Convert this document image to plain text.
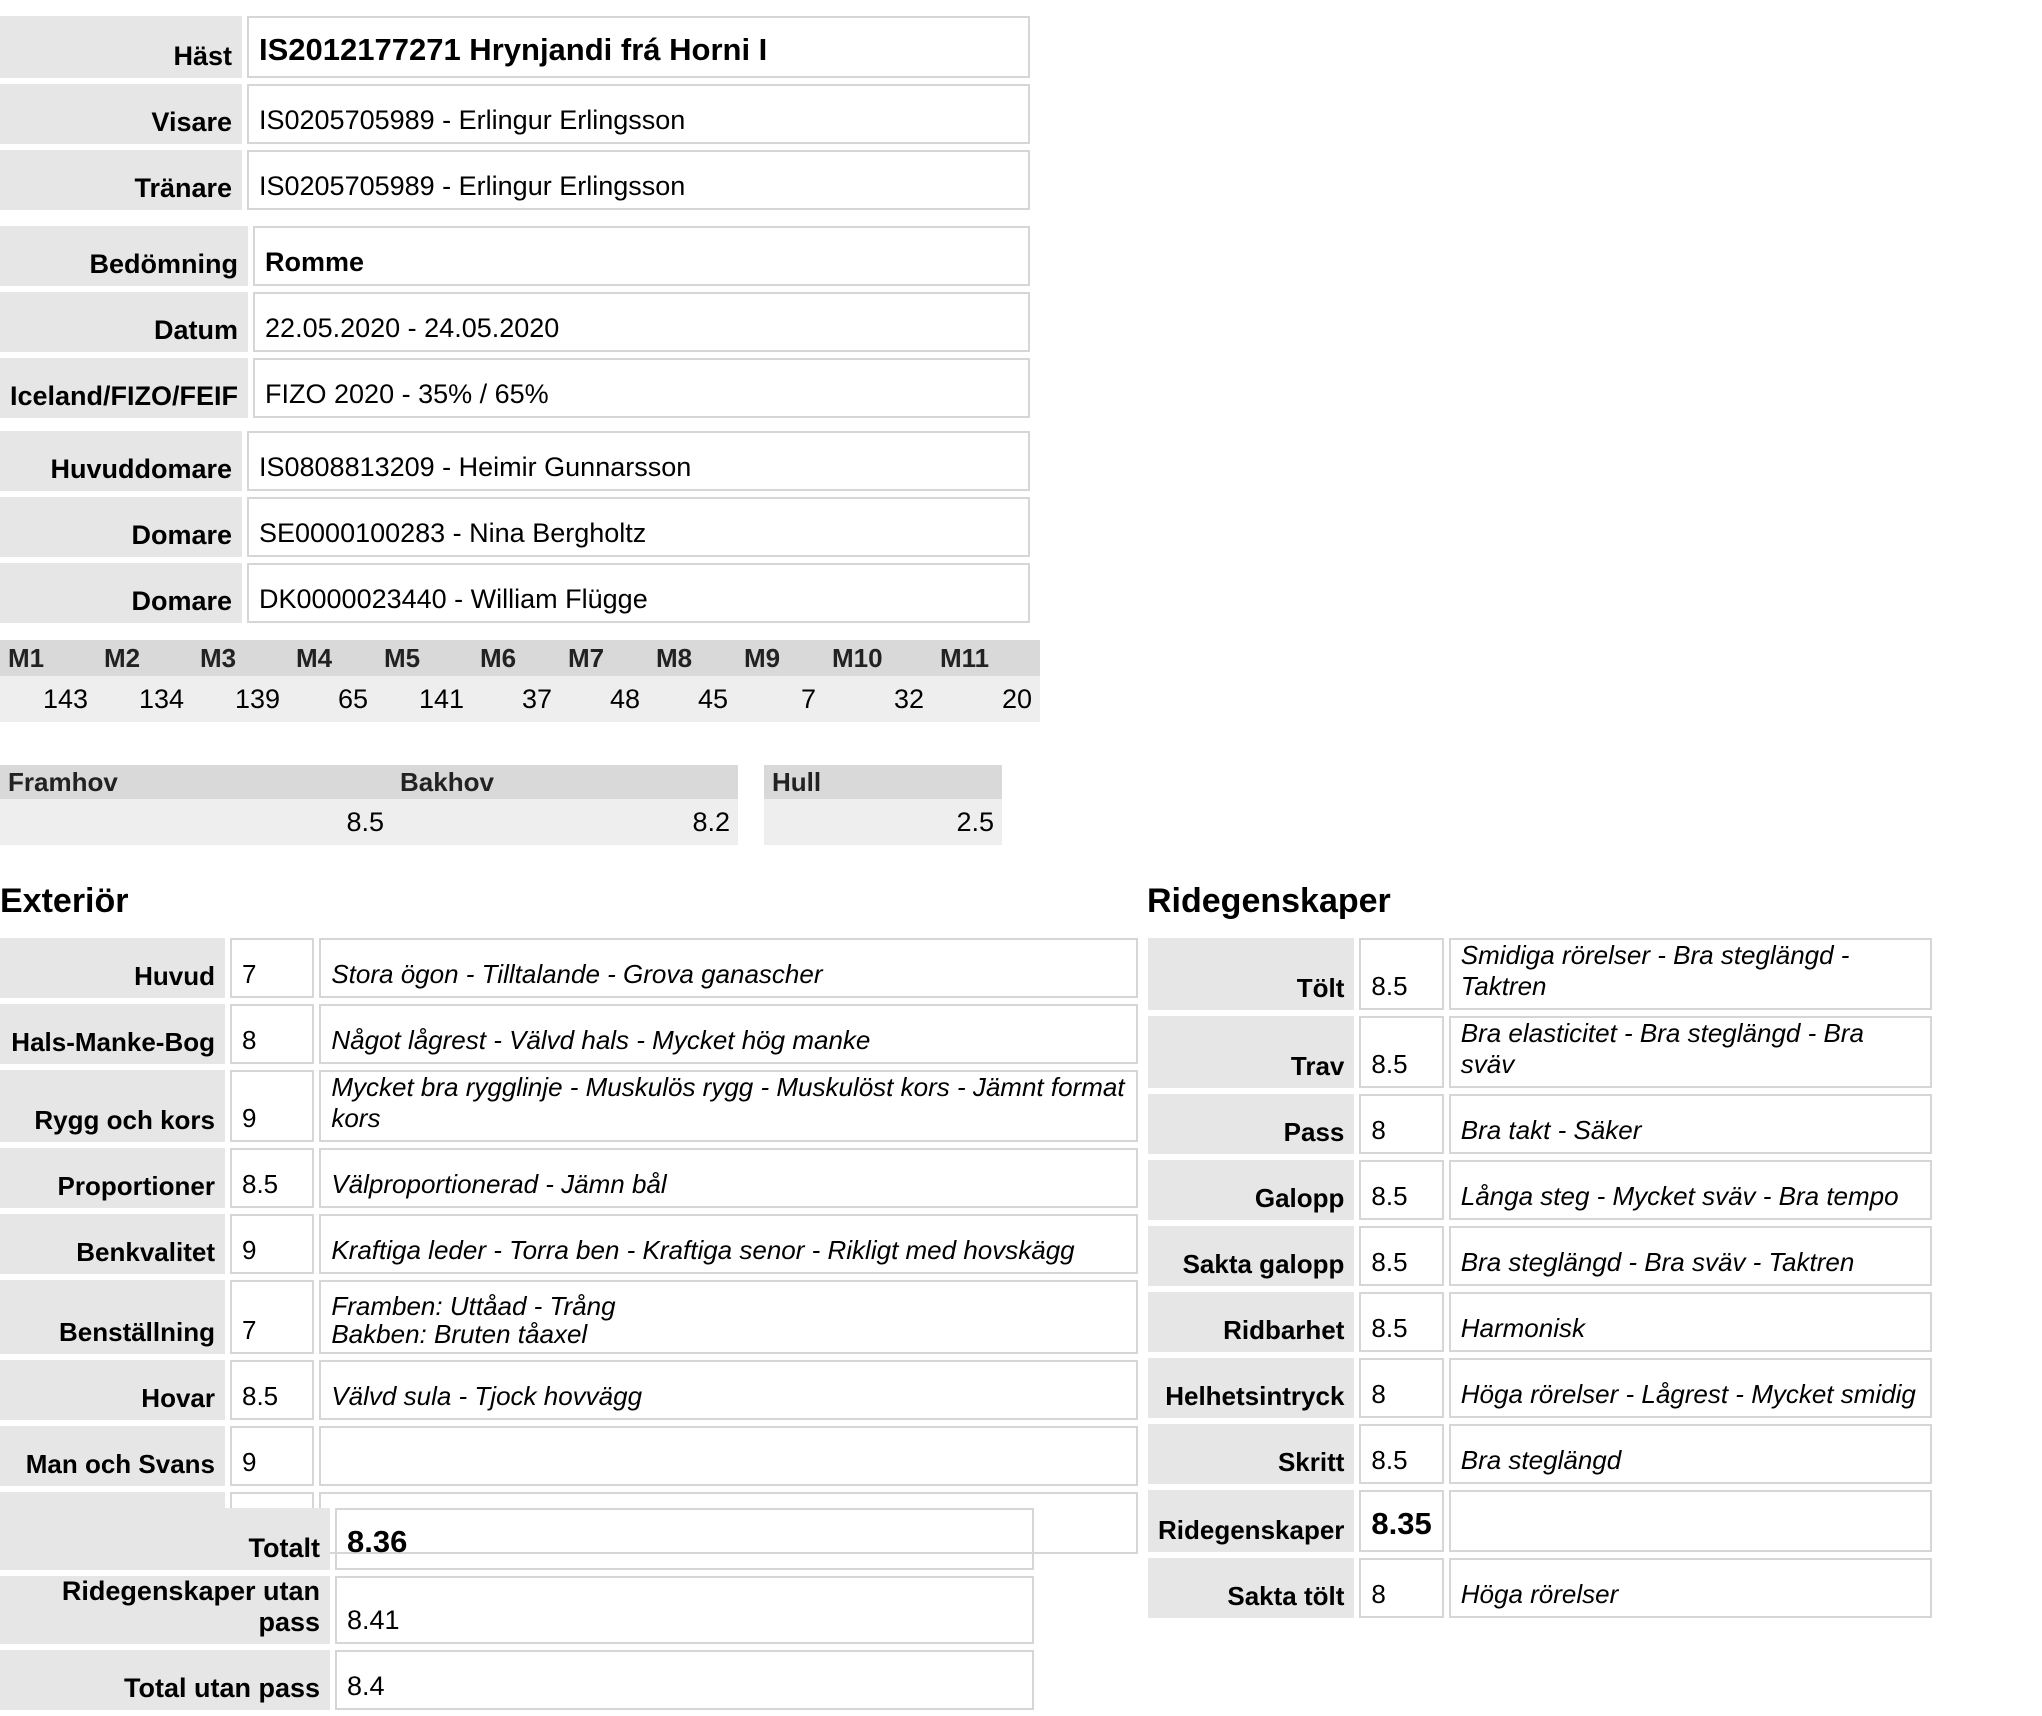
Häst	IS2012177271 Hrynjandi frá Horni I
Visare	IS0205705989 - Erlingur Erlingsson
Tränare	IS0205705989 - Erlingur Erlingsson
Bedömning	Romme
Datum	22.05.2020 - 24.05.2020
Iceland/FIZO/FEIF	FIZO 2020 - 35% / 65%
Huvuddomare	IS0808813209 - Heimir Gunnarsson
Domare	SE0000100283 - Nina Bergholtz
Domare	DK0000023440 - William Flügge
M1	M2	M3	M4	M5	M6	M7	M8	M9	M10	M11
143	134	139	65	141	37	48	45	7	32	20
Framhov	Bakhov
8.5	8.2
Hull
2.5
Exteriör
Huvud	7	Stora ögon - Tilltalande - Grova ganascher
Hals-Manke-Bog	8	Något lågrest - Välvd hals - Mycket hög manke
Rygg och kors	9	Mycket bra rygglinje - Muskulös rygg - Muskulöst kors - Jämnt format kors
Proportioner	8.5	Välproportionerad - Jämn bål
Benkvalitet	9	Kraftiga leder - Torra ben - Kraftiga senor - Rikligt med hovskägg
Benställning	7	Framben: Uttåad - Trång
Bakben: Bruten tåaxel

Hovar	8.5	Välvd sula - Tjock hovvägg
Man och Svans	9	

Ridegenskaper
Tölt	8.5	Smidiga rörelser - Bra steglängd - Taktren
Trav	8.5	Bra elasticitet - Bra steglängd - Bra sväv
Pass	8	Bra takt - Säker
Galopp	8.5	Långa steg - Mycket sväv - Bra tempo
Sakta galopp	8.5	Bra steglängd - Bra sväv - Taktren
Ridbarhet	8.5	Harmonisk
Helhetsintryck	8	Höga rörelser - Lågrest - Mycket smidig
Skritt	8.5	Bra steglängd
Ridegenskaper	8.35	
Sakta tölt	8	Höga rörelser
Totalt	8.36
Ridegenskaper utan pass	8.41
Total utan pass	8.4
